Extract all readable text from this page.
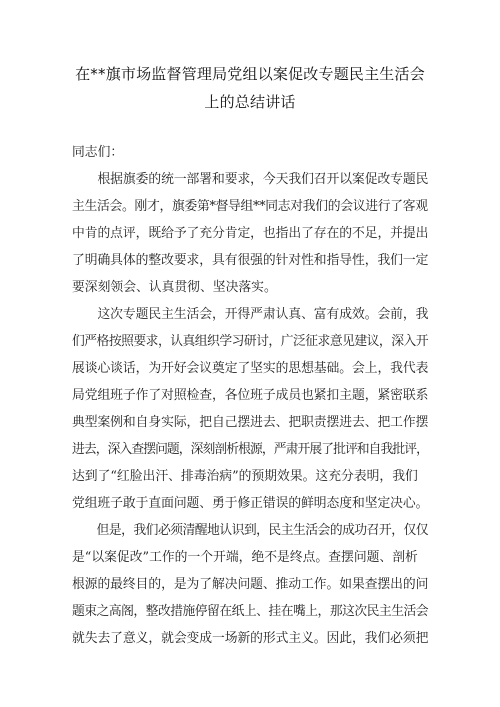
在**旗市场监督管理局党组以案促改专题民主生活会
上的总结讲话
同志们：
　　根据旗委的统一部署和要求，今天我们召开以案促改专题民
主生活会。刚才，旗委第*督导组**同志对我们的会议进行了客观
中肯的点评，既给予了充分肯定，也指出了存在的不足，并提出
了明确具体的整改要求，具有很强的针对性和指导性，我们一定
要深刻领会、认真贯彻、坚决落实。
　　这次专题民主生活会，开得严肃认真、富有成效。会前，我
们严格按照要求，认真组织学习研讨，广泛征求意见建议，深入开
展谈心谈话，为开好会议奠定了坚实的思想基础。会上，我代表
局党组班子作了对照检查，各位班子成员也紧扣主题，紧密联系
典型案例和自身实际，把自己摆进去、把职责摆进去、把工作摆
进去，深入查摆问题，深刻剖析根源，严肃开展了批评和自我批评，
达到了“红脸出汗、排毒治病”的预期效果。这充分表明，我们
党组班子敢于直面问题、勇于修正错误的鲜明态度和坚定决心。
　　但是，我们必须清醒地认识到，民主生活会的成功召开，仅仅
是“以案促改”工作的一个开端，绝不是终点。查摆问题、剖析
根源的最终目的，是为了解决问题、推动工作。如果查摆出的问
题束之高阁，整改措施停留在纸上、挂在嘴上，那这次民主生活会
就失去了意义，就会变成一场新的形式主义。因此，我们必须把
